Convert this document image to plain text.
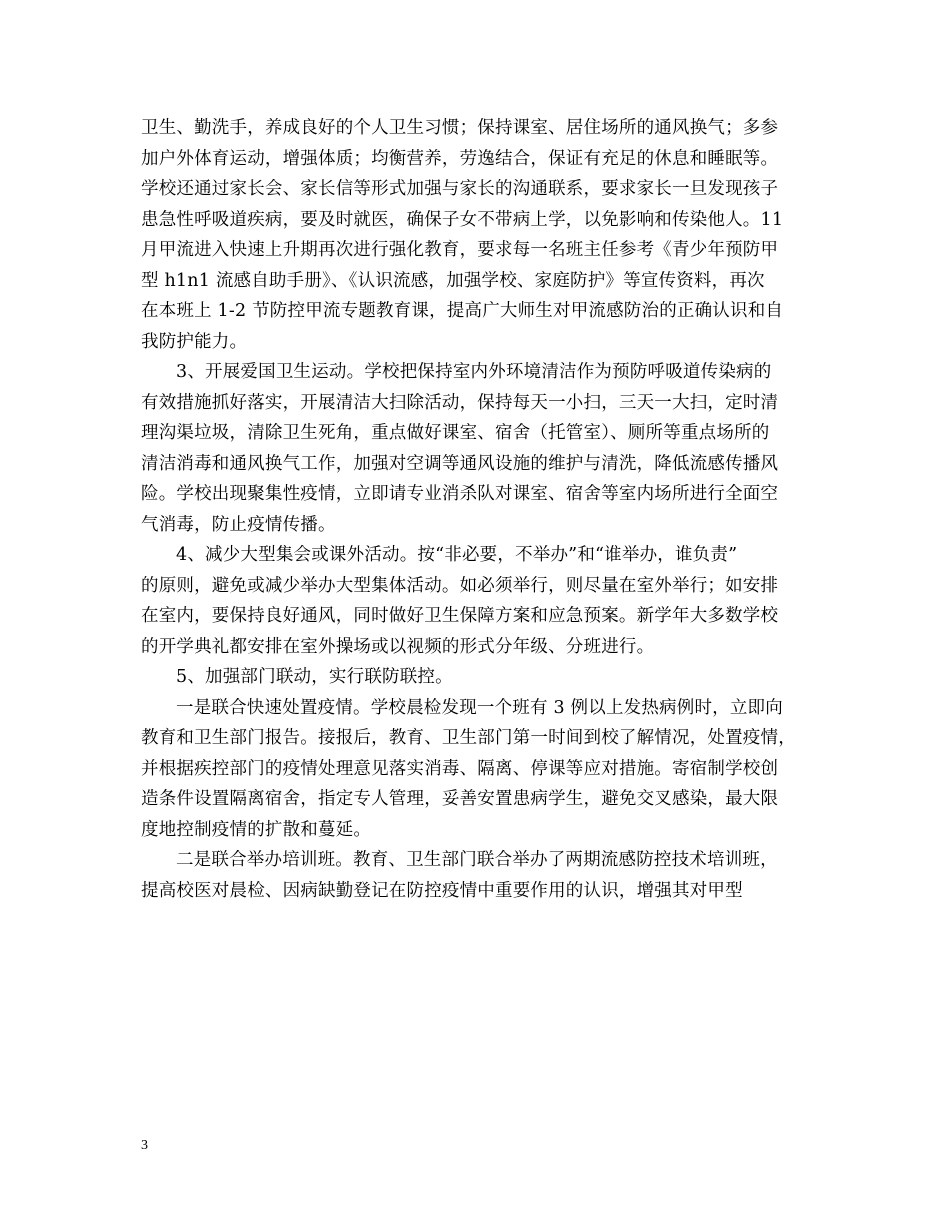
卫生、勤洗手，养成良好的个人卫生习惯；保持课室、居住场所的通风换气；多参
加户外体育运动，增强体质；均衡营养，劳逸结合，保证有充足的休息和睡眠等。
学校还通过家长会、家长信等形式加强与家长的沟通联系，要求家长一旦发现孩子
患急性呼吸道疾病，要及时就医，确保子女不带病上学，以免影响和传染他人。11
月甲流进入快速上升期再次进行强化教育，要求每一名班主任参考《青少年预防甲
型 h1n1 流感自助手册》、《认识流感，加强学校、家庭防护》等宣传资料，再次
在本班上 1-2 节防控甲流专题教育课，提高广大师生对甲流感防治的正确认识和自
我防护能力。
3、开展爱国卫生运动。学校把保持室内外环境清洁作为预防呼吸道传染病的
有效措施抓好落实，开展清洁大扫除活动，保持每天一小扫，三天一大扫，定时清
理沟渠垃圾，清除卫生死角，重点做好课室、宿舍（托管室）、厕所等重点场所的
清洁消毒和通风换气工作，加强对空调等通风设施的维护与清洗，降低流感传播风
险。学校出现聚集性疫情，立即请专业消杀队对课室、宿舍等室内场所进行全面空
气消毒，防止疫情传播。
4、减少大型集会或课外活动。按“非必要，不举办”和“谁举办，谁负责”
的原则，避免或减少举办大型集体活动。如必须举行，则尽量在室外举行；如安排
在室内，要保持良好通风，同时做好卫生保障方案和应急预案。新学年大多数学校
的开学典礼都安排在室外操场或以视频的形式分年级、分班进行。
5、加强部门联动，实行联防联控。
一是联合快速处置疫情。学校晨检发现一个班有 3 例以上发热病例时，立即向
教育和卫生部门报告。接报后，教育、卫生部门第一时间到校了解情况，处置疫情，
并根据疾控部门的疫情处理意见落实消毒、隔离、停课等应对措施。寄宿制学校创
造条件设置隔离宿舍，指定专人管理，妥善安置患病学生，避免交叉感染，最大限
度地控制疫情的扩散和蔓延。
二是联合举办培训班。教育、卫生部门联合举办了两期流感防控技术培训班，
提高校医对晨检、因病缺勤登记在防控疫情中重要作用的认识，增强其对甲型
3
